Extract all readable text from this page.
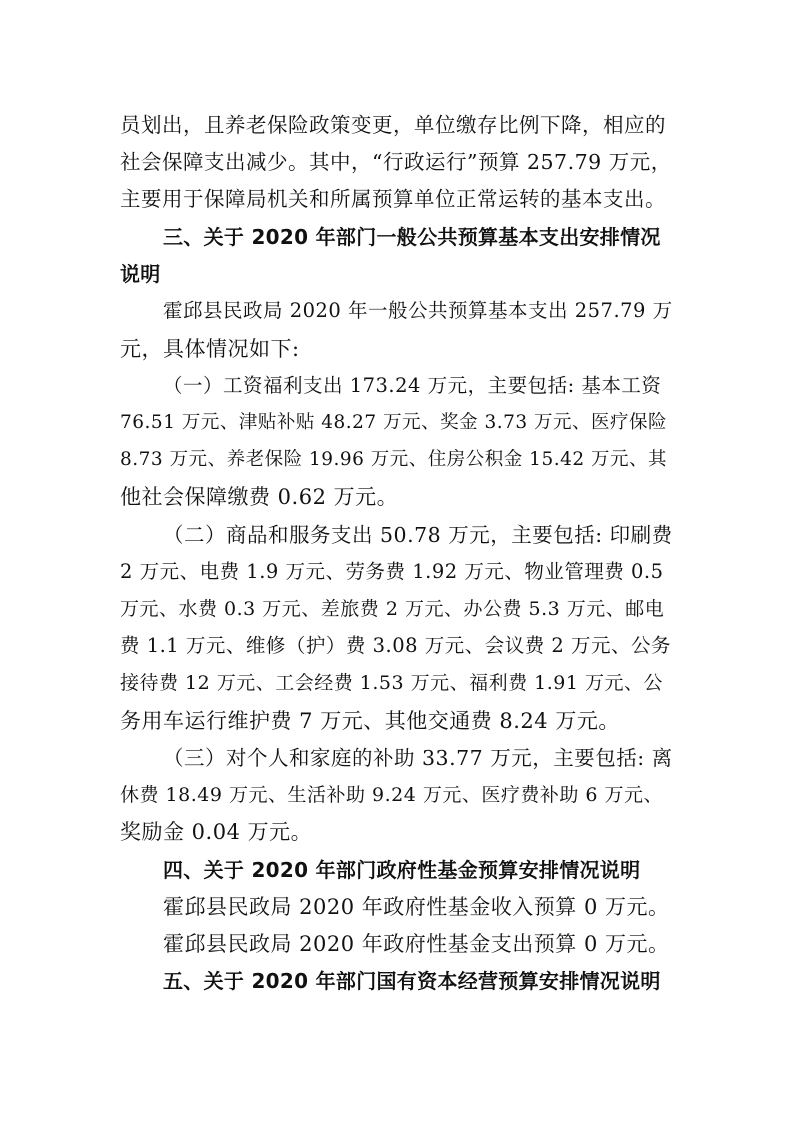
员划出，且养老保险政策变更，单位缴存比例下降，相应的
社会保障支出减少。其中，“行政运行”预算 257.79 万元，
主要用于保障局机关和所属预算单位正常运转的基本支出。
三、关于 2020 年部门一般公共预算基本支出安排情况
说明
霍邱县民政局 2020 年一般公共预算基本支出 257.79 万
元，具体情况如下:
（一）工资福利支出 173.24 万元，主要包括: 基本工资
76.51 万元、津贴补贴 48.27 万元、奖金 3.73 万元、医疗保险
8.73 万元、养老保险 19.96 万元、住房公积金 15.42 万元、其
他社会保障缴费 0.62 万元。
（二）商品和服务支出 50.78 万元，主要包括: 印刷费
2 万元、电费 1.9 万元、劳务费 1.92 万元、物业管理费 0.5
万元、水费 0.3 万元、差旅费 2 万元、办公费 5.3 万元、邮电
费 1.1 万元、维修（护）费 3.08 万元、会议费 2 万元、公务
接待费 12 万元、工会经费 1.53 万元、福利费 1.91 万元、公
务用车运行维护费 7 万元、其他交通费 8.24 万元。
（三）对个人和家庭的补助 33.77 万元，主要包括: 离
休费 18.49 万元、生活补助 9.24 万元、医疗费补助 6 万元、
奖励金 0.04 万元。
四、关于 2020 年部门政府性基金预算安排情况说明
霍邱县民政局 2020 年政府性基金收入预算 0 万元。
霍邱县民政局 2020 年政府性基金支出预算 0 万元。
五、关于 2020 年部门国有资本经营预算安排情况说明
